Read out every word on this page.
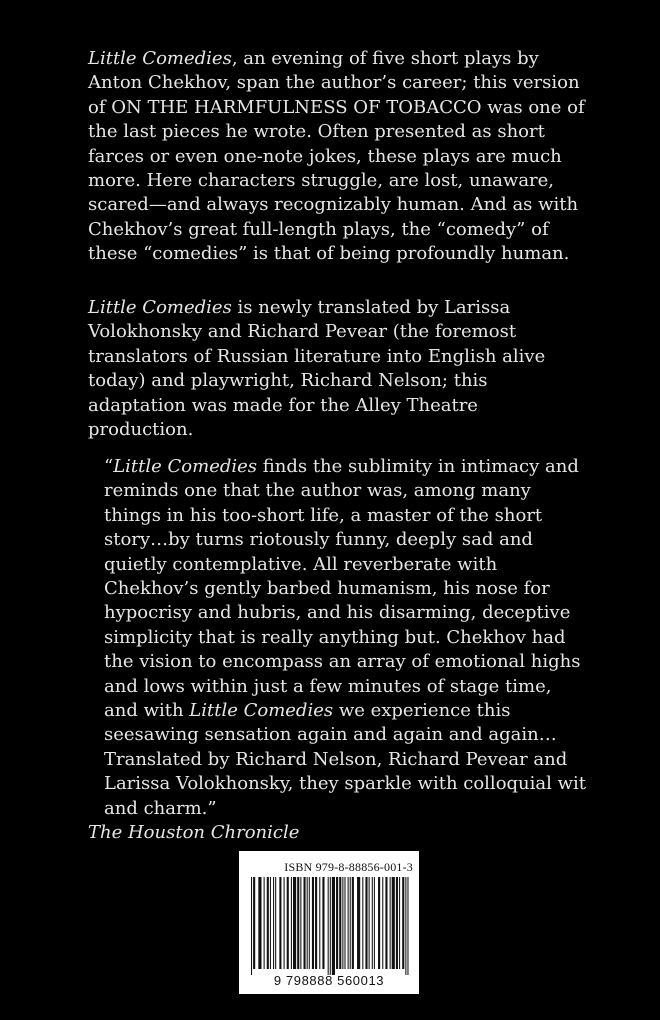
Little Comedies, an evening of five short plays by Anton Chekhov, span the author’s career; this version of ON THE HARMFULNESS OF TOBACCO was one of the last pieces he wrote. Often presented as short farces or even one-note jokes, these plays are much more. Here characters struggle, are lost, unaware, scared—and always recognizably human. And as with Chekhov’s great full-length plays, the “comedy” of these “comedies” is that of being profoundly human.

Little Comedies is newly translated by Larissa Volokhonsky and Richard Pevear (the foremost translators of Russian literature into English alive today) and playwright, Richard Nelson; this adaptation was made for the Alley Theatre production.

“Little Comedies finds the sublimity in intimacy and reminds one that the author was, among many things in his too-short life, a master of the short story…by turns riotously funny, deeply sad and quietly contemplative. All reverberate with Chekhov’s gently barbed humanism, his nose for hypocrisy and hubris, and his disarming, deceptive simplicity that is really anything but. Chekhov had the vision to encompass an array of emotional highs and lows within just a few minutes of stage time, and with Little Comedies we experience this seesawing sensation again and again and again… Translated by Richard Nelson, Richard Pevear and Larissa Volokhonsky, they sparkle with colloquial wit and charm.”

The Houston Chronicle

ISBN 979-8-88856-001-3
9 798888 560013
